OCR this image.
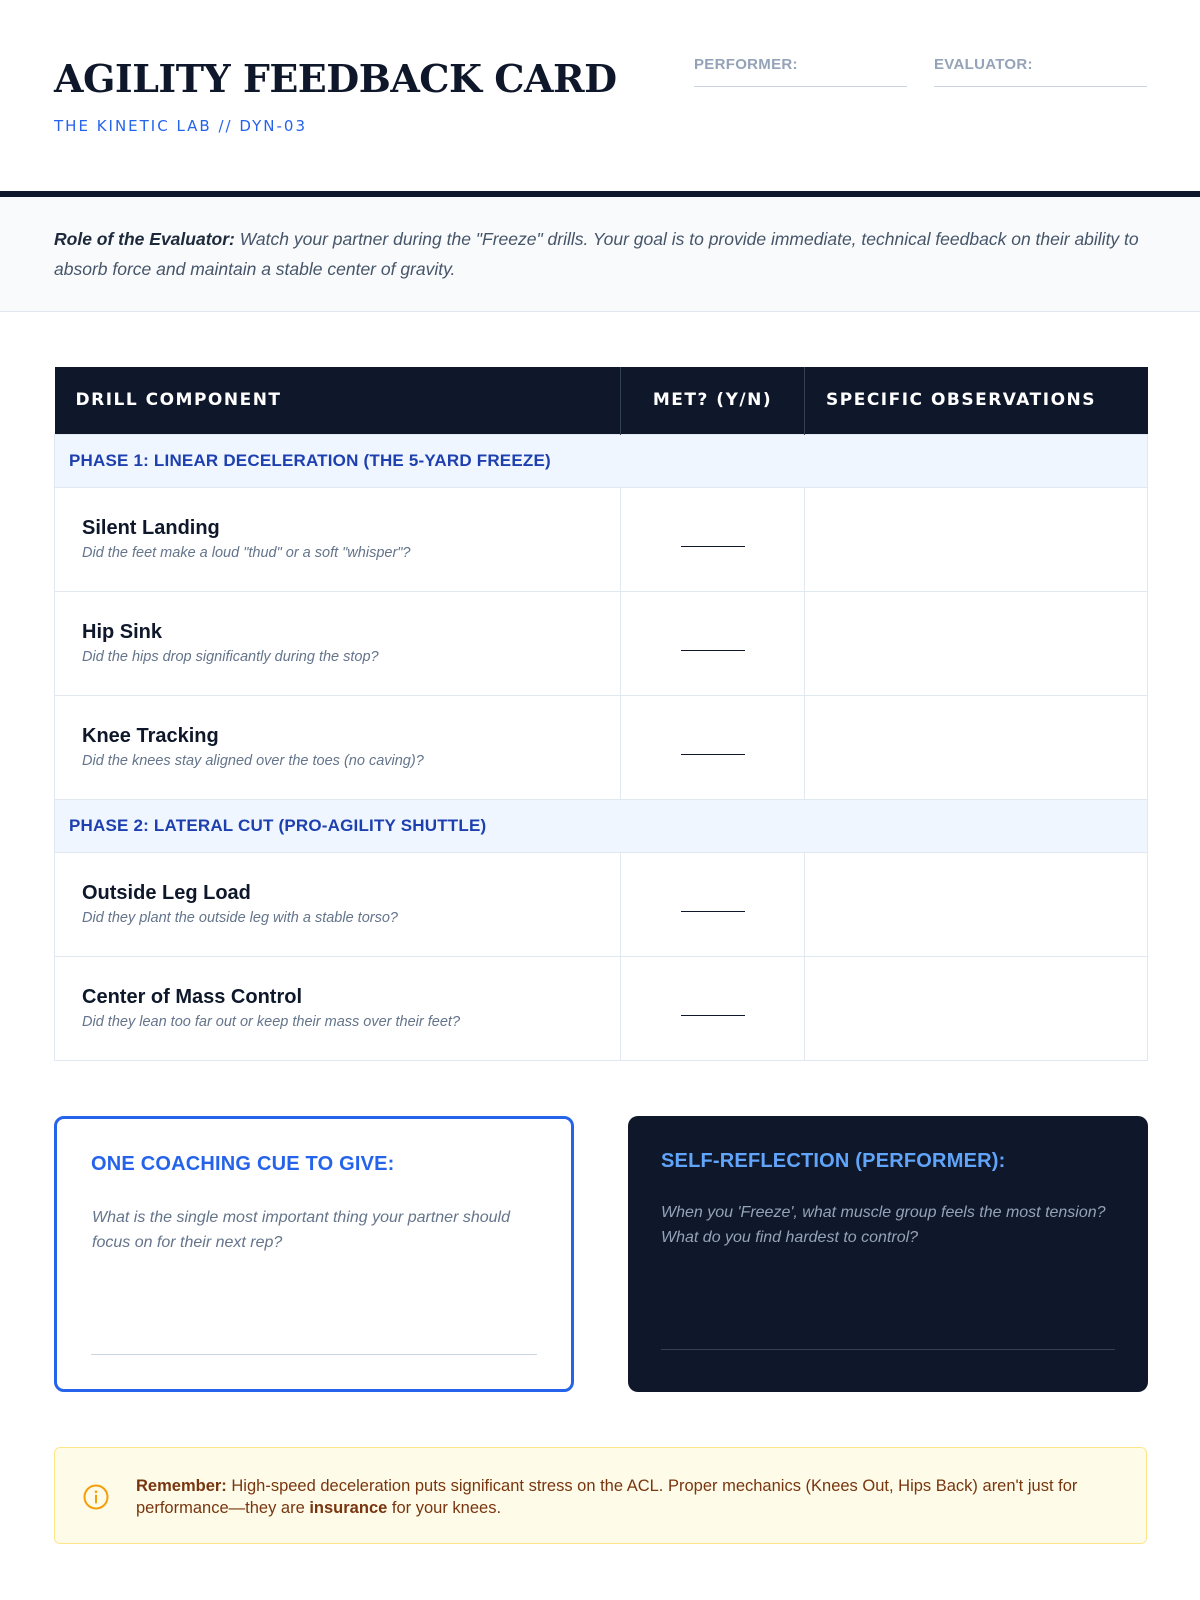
AGILITY FEEDBACK CARD
THE KINETIC LAB // DYN-03
PERFORMER:	EVALUATOR:

Role of the Evaluator: Watch your partner during the "Freeze" drills. Your goal is to provide immediate, technical feedback on their ability to absorb force and maintain a stable center of gravity.

DRILL COMPONENT	MET? (Y/N)	SPECIFIC OBSERVATIONS
PHASE 1: LINEAR DECELERATION (THE 5-YARD FREEZE)		

Silent Landing
Did the feet make a loud "thud" or a soft "whisper"?		

Hip Sink
Did the hips drop significantly during the stop?		

Knee Tracking
Did the knees stay aligned over the toes (no caving)?		

PHASE 2: LATERAL CUT (PRO-AGILITY SHUTTLE)		

Outside Leg Load
Did they plant the outside leg with a stable torso?		

Center of Mass Control
Did they lean too far out or keep their mass over their feet?		

ONE COACHING CUE TO GIVE:

What is the single most important thing your partner should focus on for their next rep?

SELF-REFLECTION (PERFORMER):

When you 'Freeze', what muscle group feels the most tension? What do you find hardest to control?

Remember: High-speed deceleration puts significant stress on the ACL. Proper mechanics (Knees Out, Hips Back) aren't just for performance—they are insurance for your knees.
